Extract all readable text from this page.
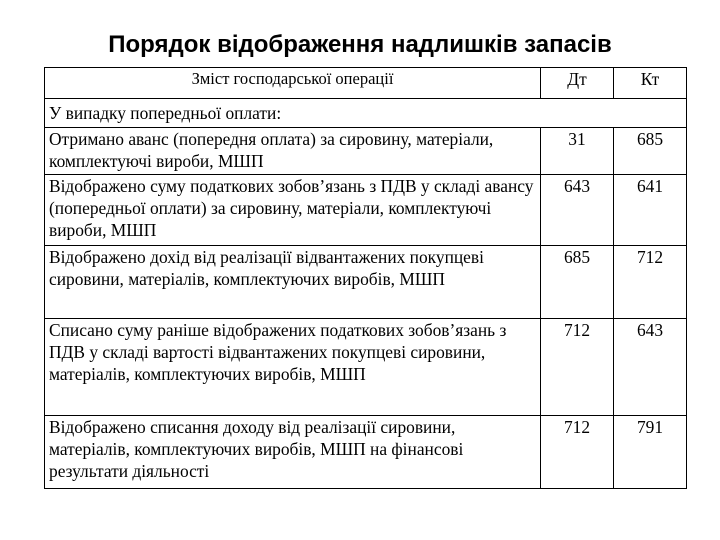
Порядок відображення надлишків запасів
Зміст господарської операції	Дт	Кт
У випадку попередньої оплати:		
Отримано аванс (попередня оплата) за сировину, матеріали, комплектуючі вироби, МШП	31	685
Відображено суму податкових зобов’язань з ПДВ у складі авансу (попередньої оплати) за сировину, матеріали, комплектуючі вироби, МШП	643	641
Відображено дохід від реалізації відвантажених покупцеві сировини, матеріалів, комплектуючих виробів, МШП	685	712
Списано суму раніше відображених податкових зобов’язань з ПДВ у складі вартості відвантажених покупцеві сировини, матеріалів, комплектуючих виробів, МШП	712	643
Відображено списання доходу від реалізації сировини, матеріалів, комплектуючих виробів, МШП на фінансові результати діяльності	712	791
